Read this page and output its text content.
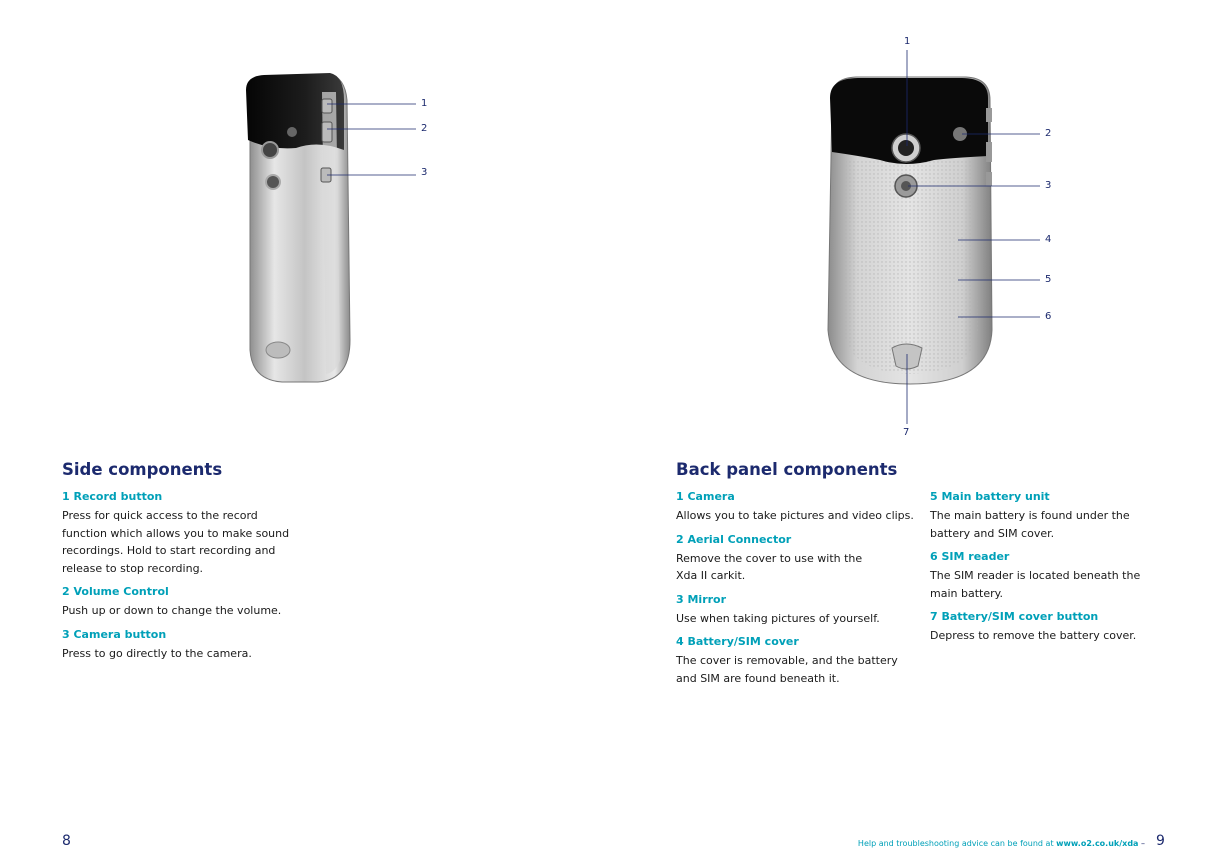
1
2
3
1
2
3
4
5
6
7
Side components

1 Record button

Press for quick access to the record function which allows you to make sound recordings. Hold to start recording and release to stop recording.

2 Volume Control

Push up or down to change the volume.

3 Camera button

Press to go directly to the camera.

Back panel components

1 Camera

Allows you to take pictures and video clips.

2 Aerial Connector

Remove the cover to use with the Xda II carkit.

3 Mirror

Use when taking pictures of yourself.

4 Battery/SIM cover

The cover is removable, and the battery and SIM are found beneath it.

5 Main battery unit

The main battery is found under the battery and SIM cover.

6 SIM reader

The SIM reader is located beneath the main battery.

7 Battery/SIM cover button

Depress to remove the battery cover.

8	Help and troubleshooting advice can be found at www.o2.co.uk/xda – 9
